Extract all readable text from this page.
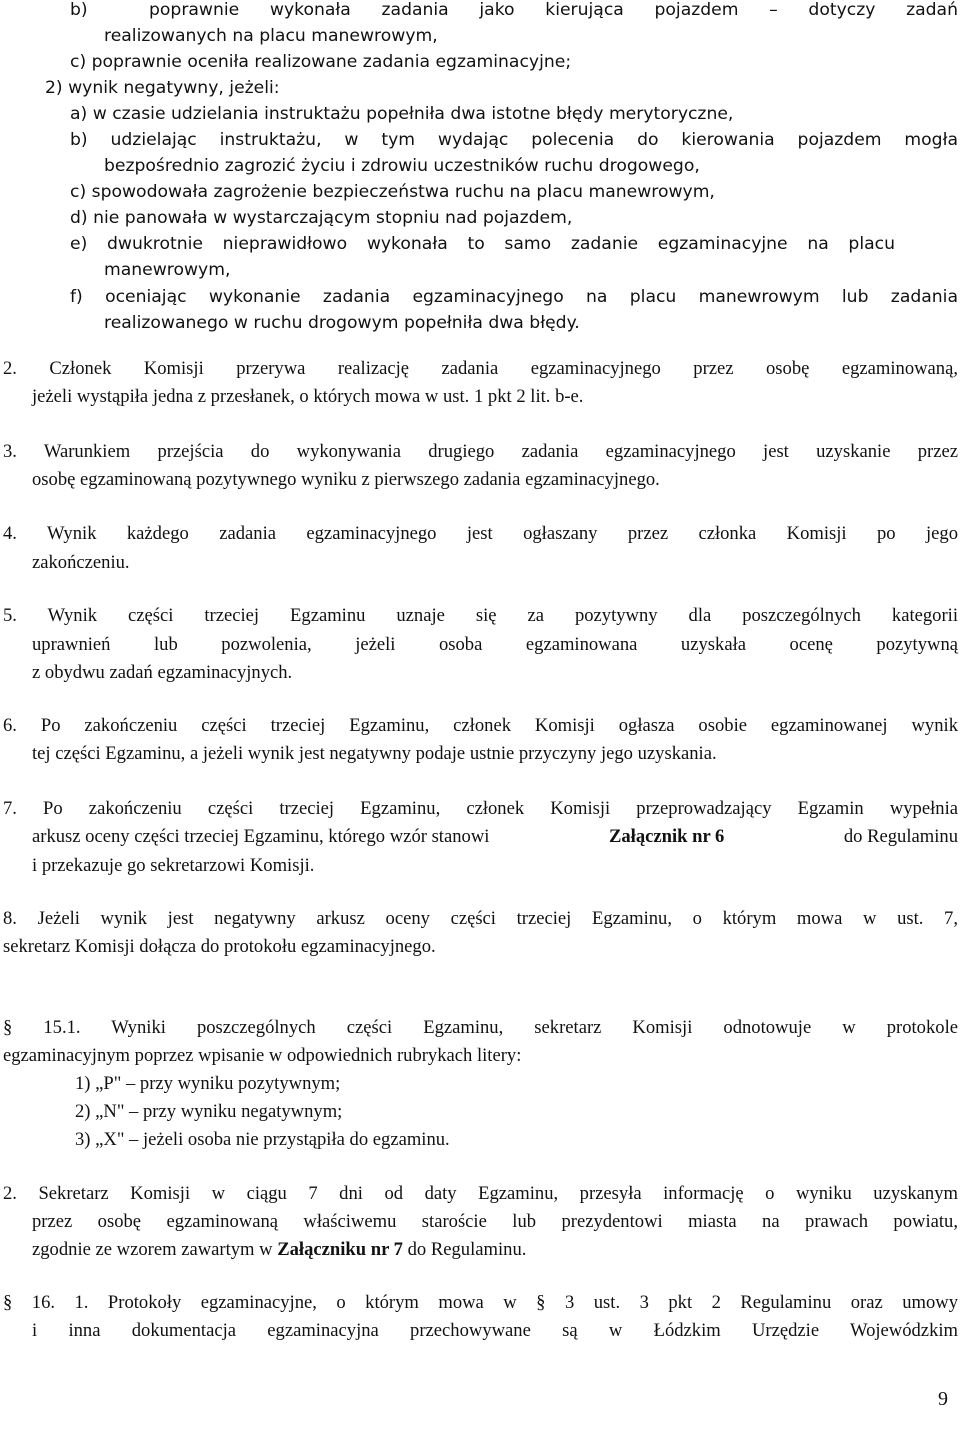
b)  poprawnie wykonała zadania jako kierująca pojazdem – dotyczy zadań
realizowanych na placu manewrowym,
c) poprawnie oceniła realizowane zadania egzaminacyjne;
2) wynik negatywny, jeżeli:
a) w czasie udzielania instruktażu popełniła dwa istotne błędy merytoryczne,
b) udzielając instruktażu, w tym wydając polecenia do kierowania pojazdem mogła
bezpośrednio zagrozić życiu i zdrowiu uczestników ruchu drogowego,
c) spowodowała zagrożenie bezpieczeństwa ruchu na placu manewrowym,
d) nie panowała w wystarczającym stopniu nad pojazdem,
e) dwukrotnie nieprawidłowo wykonała to samo zadanie egzaminacyjne na placu
manewrowym,
f) oceniając wykonanie zadania egzaminacyjnego na placu manewrowym lub zadania
realizowanego w ruchu drogowym popełniła dwa błędy.
2. Członek Komisji przerywa realizację zadania egzaminacyjnego przez osobę egzaminowaną,
jeżeli wystąpiła jedna z przesłanek, o których mowa w ust. 1 pkt 2 lit. b-e.
3. Warunkiem przejścia do wykonywania drugiego zadania egzaminacyjnego jest uzyskanie przez
osobę egzaminowaną pozytywnego wyniku z pierwszego zadania egzaminacyjnego.
4. Wynik każdego zadania egzaminacyjnego jest ogłaszany przez członka Komisji po jego
zakończeniu.
5. Wynik części trzeciej Egzaminu uznaje się za pozytywny dla poszczególnych kategorii
uprawnień lub pozwolenia, jeżeli osoba egzaminowana uzyskała ocenę pozytywną
z obydwu zadań egzaminacyjnych.
6. Po zakończeniu części trzeciej Egzaminu, członek Komisji ogłasza osobie egzaminowanej wynik
tej części Egzaminu, a jeżeli wynik jest negatywny podaje ustnie przyczyny jego uzyskania.
7. Po zakończeniu części trzeciej Egzaminu, członek Komisji przeprowadzający Egzamin wypełnia
arkusz oceny części trzeciej Egzaminu, którego wzór stanowi	Załącznik nr 6	do Regulaminu
i przekazuje go sekretarzowi Komisji.
8. Jeżeli wynik jest negatywny arkusz oceny części trzeciej Egzaminu, o którym mowa w ust. 7,
sekretarz Komisji dołącza do protokołu egzaminacyjnego.
§ 15.1. Wyniki poszczególnych części Egzaminu, sekretarz Komisji odnotowuje w protokole
egzaminacyjnym poprzez wpisanie w odpowiednich rubrykach litery:
1) „P" – przy wyniku pozytywnym;
2) „N" – przy wyniku negatywnym;
3) „X" – jeżeli osoba nie przystąpiła do egzaminu.
2. Sekretarz Komisji w ciągu 7 dni od daty Egzaminu, przesyła informację o wyniku uzyskanym
przez osobę egzaminowaną właściwemu staroście lub prezydentowi miasta na prawach powiatu,
zgodnie ze wzorem zawartym w Załączniku nr 7 do Regulaminu.
§ 16. 1. Protokoły egzaminacyjne, o którym mowa w § 3 ust. 3 pkt 2 Regulaminu oraz umowy
i inna dokumentacja egzaminacyjna przechowywane są w Łódzkim Urzędzie Wojewódzkim
9
